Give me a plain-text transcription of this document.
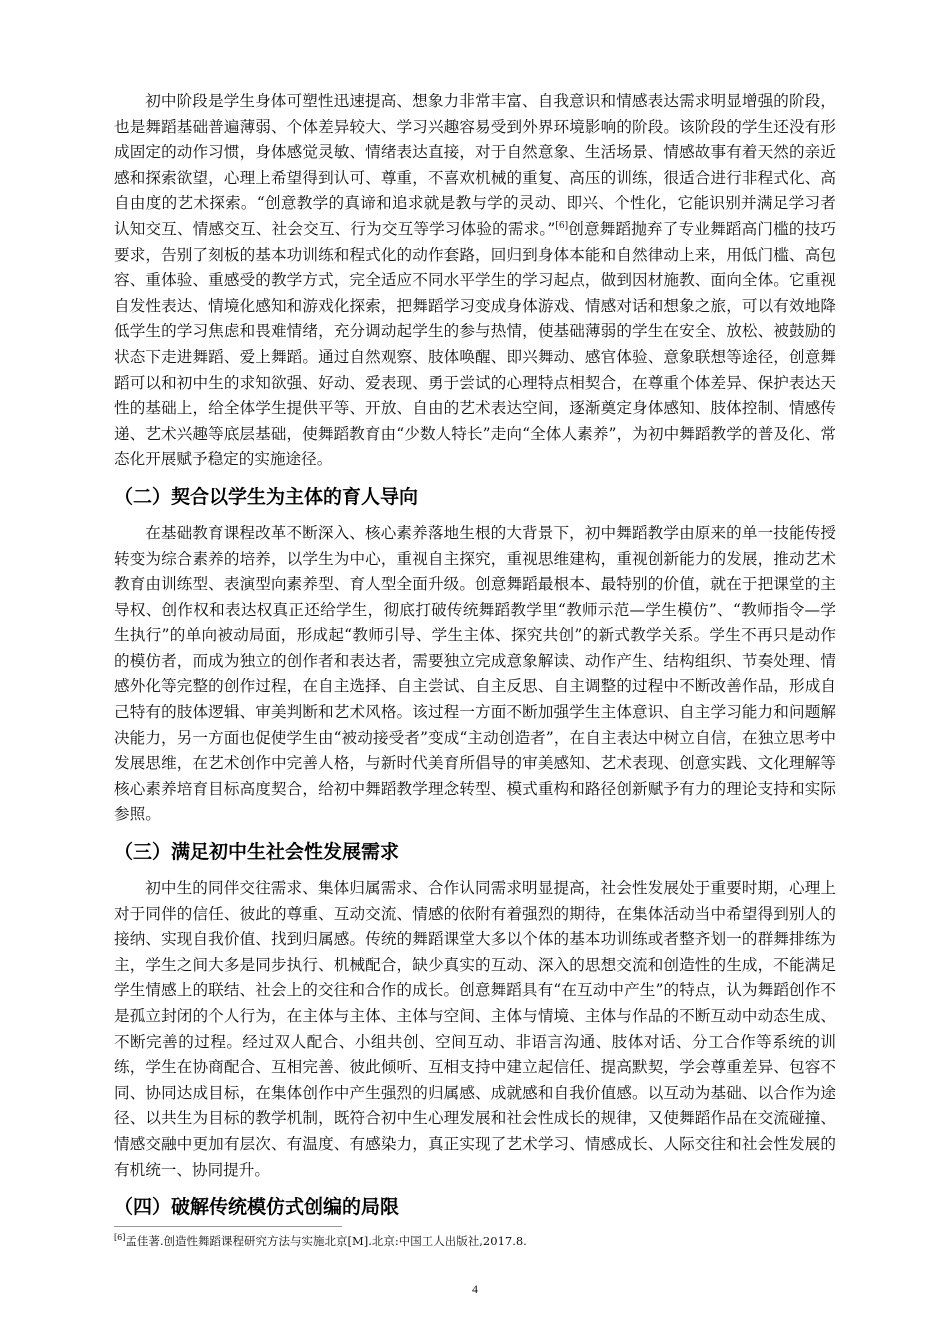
初中阶段是学生身体可塑性迅速提高、想象力非常丰富、自我意识和情感表达需求明显增强的阶段，也是舞蹈基础普遍薄弱、个体差异较大、学习兴趣容易受到外界环境影响的阶段。该阶段的学生还没有形成固定的动作习惯，身体感觉灵敏、情绪表达直接，对于自然意象、生活场景、情感故事有着天然的亲近感和探索欲望，心理上希望得到认可、尊重，不喜欢机械的重复、高压的训练，很适合进行非程式化、高自由度的艺术探索。“创意教学的真谛和追求就是教与学的灵动、即兴、个性化，它能识别并满足学习者认知交互、情感交互、社会交互、行为交互等学习体验的需求。”[6]创意舞蹈抛弃了专业舞蹈高门槛的技巧要求，告别了刻板的基本功训练和程式化的动作套路，回归到身体本能和自然律动上来，用低门槛、高包容、重体验、重感受的教学方式，完全适应不同水平学生的学习起点，做到因材施教、面向全体。它重视自发性表达、情境化感知和游戏化探索，把舞蹈学习变成身体游戏、情感对话和想象之旅，可以有效地降低学生的学习焦虑和畏难情绪，充分调动起学生的参与热情，使基础薄弱的学生在安全、放松、被鼓励的状态下走进舞蹈、爱上舞蹈。通过自然观察、肢体唤醒、即兴舞动、感官体验、意象联想等途径，创意舞蹈可以和初中生的求知欲强、好动、爱表现、勇于尝试的心理特点相契合，在尊重个体差异、保护表达天性的基础上，给全体学生提供平等、开放、自由的艺术表达空间，逐渐奠定身体感知、肢体控制、情感传递、艺术兴趣等底层基础，使舞蹈教育由“少数人特长”走向“全体人素养”，为初中舞蹈教学的普及化、常态化开展赋予稳定的实施途径。

（二）契合以学生为主体的育人导向

在基础教育课程改革不断深入、核心素养落地生根的大背景下，初中舞蹈教学由原来的单一技能传授转变为综合素养的培养，以学生为中心，重视自主探究，重视思维建构，重视创新能力的发展，推动艺术教育由训练型、表演型向素养型、育人型全面升级。创意舞蹈最根本、最特别的价值，就在于把课堂的主导权、创作权和表达权真正还给学生，彻底打破传统舞蹈教学里“教师示范—学生模仿”、“教师指令—学生执行”的单向被动局面，形成起“教师引导、学生主体、探究共创”的新式教学关系。学生不再只是动作的模仿者，而成为独立的创作者和表达者，需要独立完成意象解读、动作产生、结构组织、节奏处理、情感外化等完整的创作过程，在自主选择、自主尝试、自主反思、自主调整的过程中不断改善作品，形成自己特有的肢体逻辑、审美判断和艺术风格。该过程一方面不断加强学生主体意识、自主学习能力和问题解决能力，另一方面也促使学生由“被动接受者”变成“主动创造者”，在自主表达中树立自信，在独立思考中发展思维，在艺术创作中完善人格，与新时代美育所倡导的审美感知、艺术表现、创意实践、文化理解等核心素养培育目标高度契合，给初中舞蹈教学理念转型、模式重构和路径创新赋予有力的理论支持和实际参照。

（三）满足初中生社会性发展需求

初中生的同伴交往需求、集体归属需求、合作认同需求明显提高，社会性发展处于重要时期，心理上对于同伴的信任、彼此的尊重、互动交流、情感的依附有着强烈的期待，在集体活动当中希望得到别人的接纳、实现自我价值、找到归属感。传统的舞蹈课堂大多以个体的基本功训练或者整齐划一的群舞排练为主，学生之间大多是同步执行、机械配合，缺少真实的互动、深入的思想交流和创造性的生成，不能满足学生情感上的联结、社会上的交往和合作的成长。创意舞蹈具有“在互动中产生”的特点，认为舞蹈创作不是孤立封闭的个人行为，在主体与主体、主体与空间、主体与情境、主体与作品的不断互动中动态生成、不断完善的过程。经过双人配合、小组共创、空间互动、非语言沟通、肢体对话、分工合作等系统的训练，学生在协商配合、互相完善、彼此倾听、互相支持中建立起信任、提高默契，学会尊重差异、包容不同、协同达成目标，在集体创作中产生强烈的归属感、成就感和自我价值感。以互动为基础、以合作为途径、以共生为目标的教学机制，既符合初中生心理发展和社会性成长的规律，又使舞蹈作品在交流碰撞、情感交融中更加有层次、有温度、有感染力，真正实现了艺术学习、情感成长、人际交往和社会性发展的有机统一、协同提升。

（四）破解传统模仿式创编的局限
[6]孟佳著.创造性舞蹈课程研究方法与实施北京[M].北京:中国工人出版社,2017.8.
4
